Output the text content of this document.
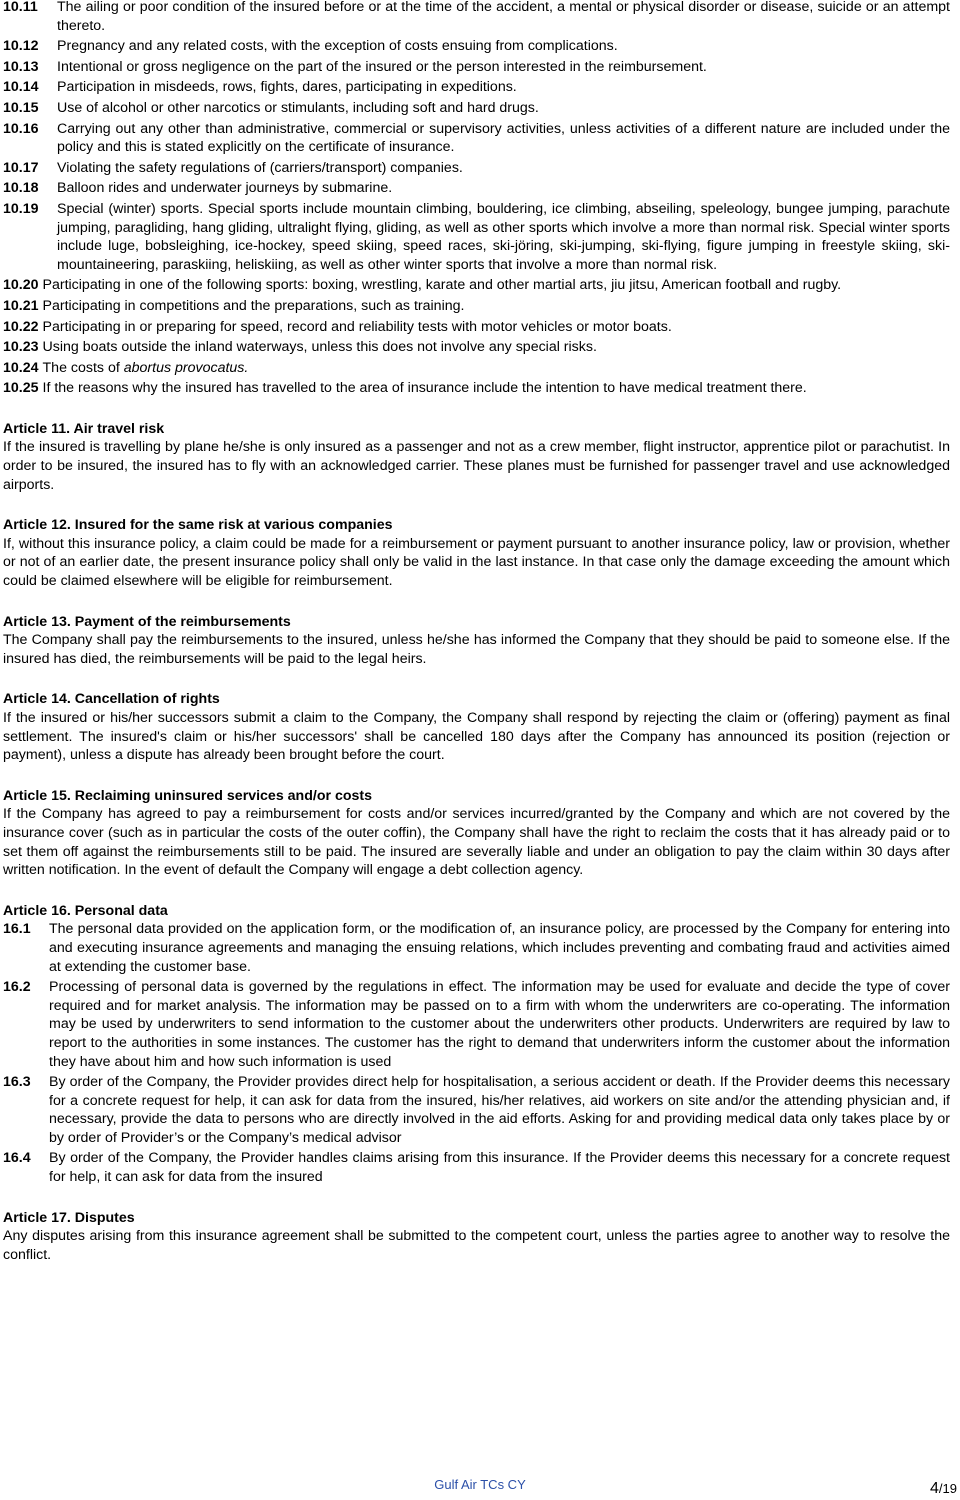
10.11	The ailing or poor condition of the insured before or at the time of the accident, a mental or physical disorder or disease, suicide or an attempt thereto.
10.12	Pregnancy and any related costs, with the exception of costs ensuing from complications.
10.13	Intentional or gross negligence on the part of the insured or the person interested in the reimbursement.
10.14	Participation in misdeeds, rows, fights, dares, participating in expeditions.
10.15	Use of alcohol or other narcotics or stimulants, including soft and hard drugs.
10.16	Carrying out any other than administrative, commercial or supervisory activities, unless activities of a different nature are included under the policy and this is stated explicitly on the certificate of insurance.
10.17	Violating the safety regulations of (carriers/transport) companies.
10.18	Balloon rides and underwater journeys by submarine.
10.19	Special (winter) sports. Special sports include mountain climbing, bouldering, ice climbing, abseiling, speleology, bungee jumping, parachute jumping, paragliding, hang gliding, ultralight flying, gliding, as well as other sports which involve a more than normal risk. Special winter sports include luge, bobsleighing, ice-hockey, speed skiing, speed races, ski-jöring, ski-jumping, ski-flying, figure jumping in freestyle skiing, ski-mountaineering, paraskiing, heliskiing, as well as other winter sports that involve a more than normal risk.
10.20 Participating in one of the following sports: boxing, wrestling, karate and other martial arts, jiu jitsu, American football and rugby.
10.21 Participating in competitions and the preparations, such as training.
10.22 Participating in or preparing for speed, record and reliability tests with motor vehicles or motor boats.
10.23 Using boats outside the inland waterways, unless this does not involve any special risks.
10.24 The costs of abortus provocatus.
10.25 If the reasons why the insured has travelled to the area of insurance include the intention to have medical treatment there.
Article 11. Air travel risk

If the insured is travelling by plane he/she is only insured as a passenger and not as a crew member, flight instructor, apprentice pilot or parachutist. In order to be insured, the insured has to fly with an acknowledged carrier. These planes must be furnished for passenger travel and use acknowledged airports.

Article 12. Insured for the same risk at various companies

If, without this insurance policy, a claim could be made for a reimbursement or payment pursuant to another insurance policy, law or provision, whether or not of an earlier date, the present insurance policy shall only be valid in the last instance. In that case only the damage exceeding the amount which could be claimed elsewhere will be eligible for reimbursement.

Article 13. Payment of the reimbursements

The Company shall pay the reimbursements to the insured, unless he/she has informed the Company that they should be paid to someone else. If the insured has died, the reimbursements will be paid to the legal heirs.

Article 14. Cancellation of rights

If the insured or his/her successors submit a claim to the Company, the Company shall respond by rejecting the claim or (offering) payment as final settlement. The insured's claim or his/her successors' shall be cancelled 180 days after the Company has announced its position (rejection or payment), unless a dispute has already been brought before the court.

Article 15. Reclaiming uninsured services and/or costs

If the Company has agreed to pay a reimbursement for costs and/or services incurred/granted by the Company and which are not covered by the insurance cover (such as in particular the costs of the outer coffin), the Company shall have the right to reclaim the costs that it has already paid or to set them off against the reimbursements still to be paid. The insured are severally liable and under an obligation to pay the claim within 30 days after written notification. In the event of default the Company will engage a debt collection agency.

Article 16. Personal data
16.1	The personal data provided on the application form, or the modification of, an insurance policy, are processed by the Company for entering into and executing insurance agreements and managing the ensuing relations, which includes preventing and combating fraud and activities aimed at extending the customer base.
16.2	Processing of personal data is governed by the regulations in effect. The information may be used for evaluate and decide the type of cover required and for market analysis. The information may be passed on to a firm with whom the underwriters are co-operating. The information may be used by underwriters to send information to the customer about the underwriters other products. Underwriters are required by law to report to the authorities in some instances. The customer has the right to demand that underwriters inform the customer about the information they have about him and how such information is used
16.3	By order of the Company, the Provider provides direct help for hospitalisation, a serious accident or death. If the Provider deems this necessary for a concrete request for help, it can ask for data from the insured, his/her relatives, aid workers on site and/or the attending physician and, if necessary, provide the data to persons who are directly involved in the aid efforts. Asking for and providing medical data only takes place by or by order of Provider’s or the Company’s medical advisor
16.4	By order of the Company, the Provider handles claims arising from this insurance. If the Provider deems this necessary for a concrete request for help, it can ask for data from the insured
Article 17. Disputes

Any disputes arising from this insurance agreement shall be submitted to the competent court, unless the parties agree to another way to resolve the conflict.

Gulf Air TCs CY	4/19
